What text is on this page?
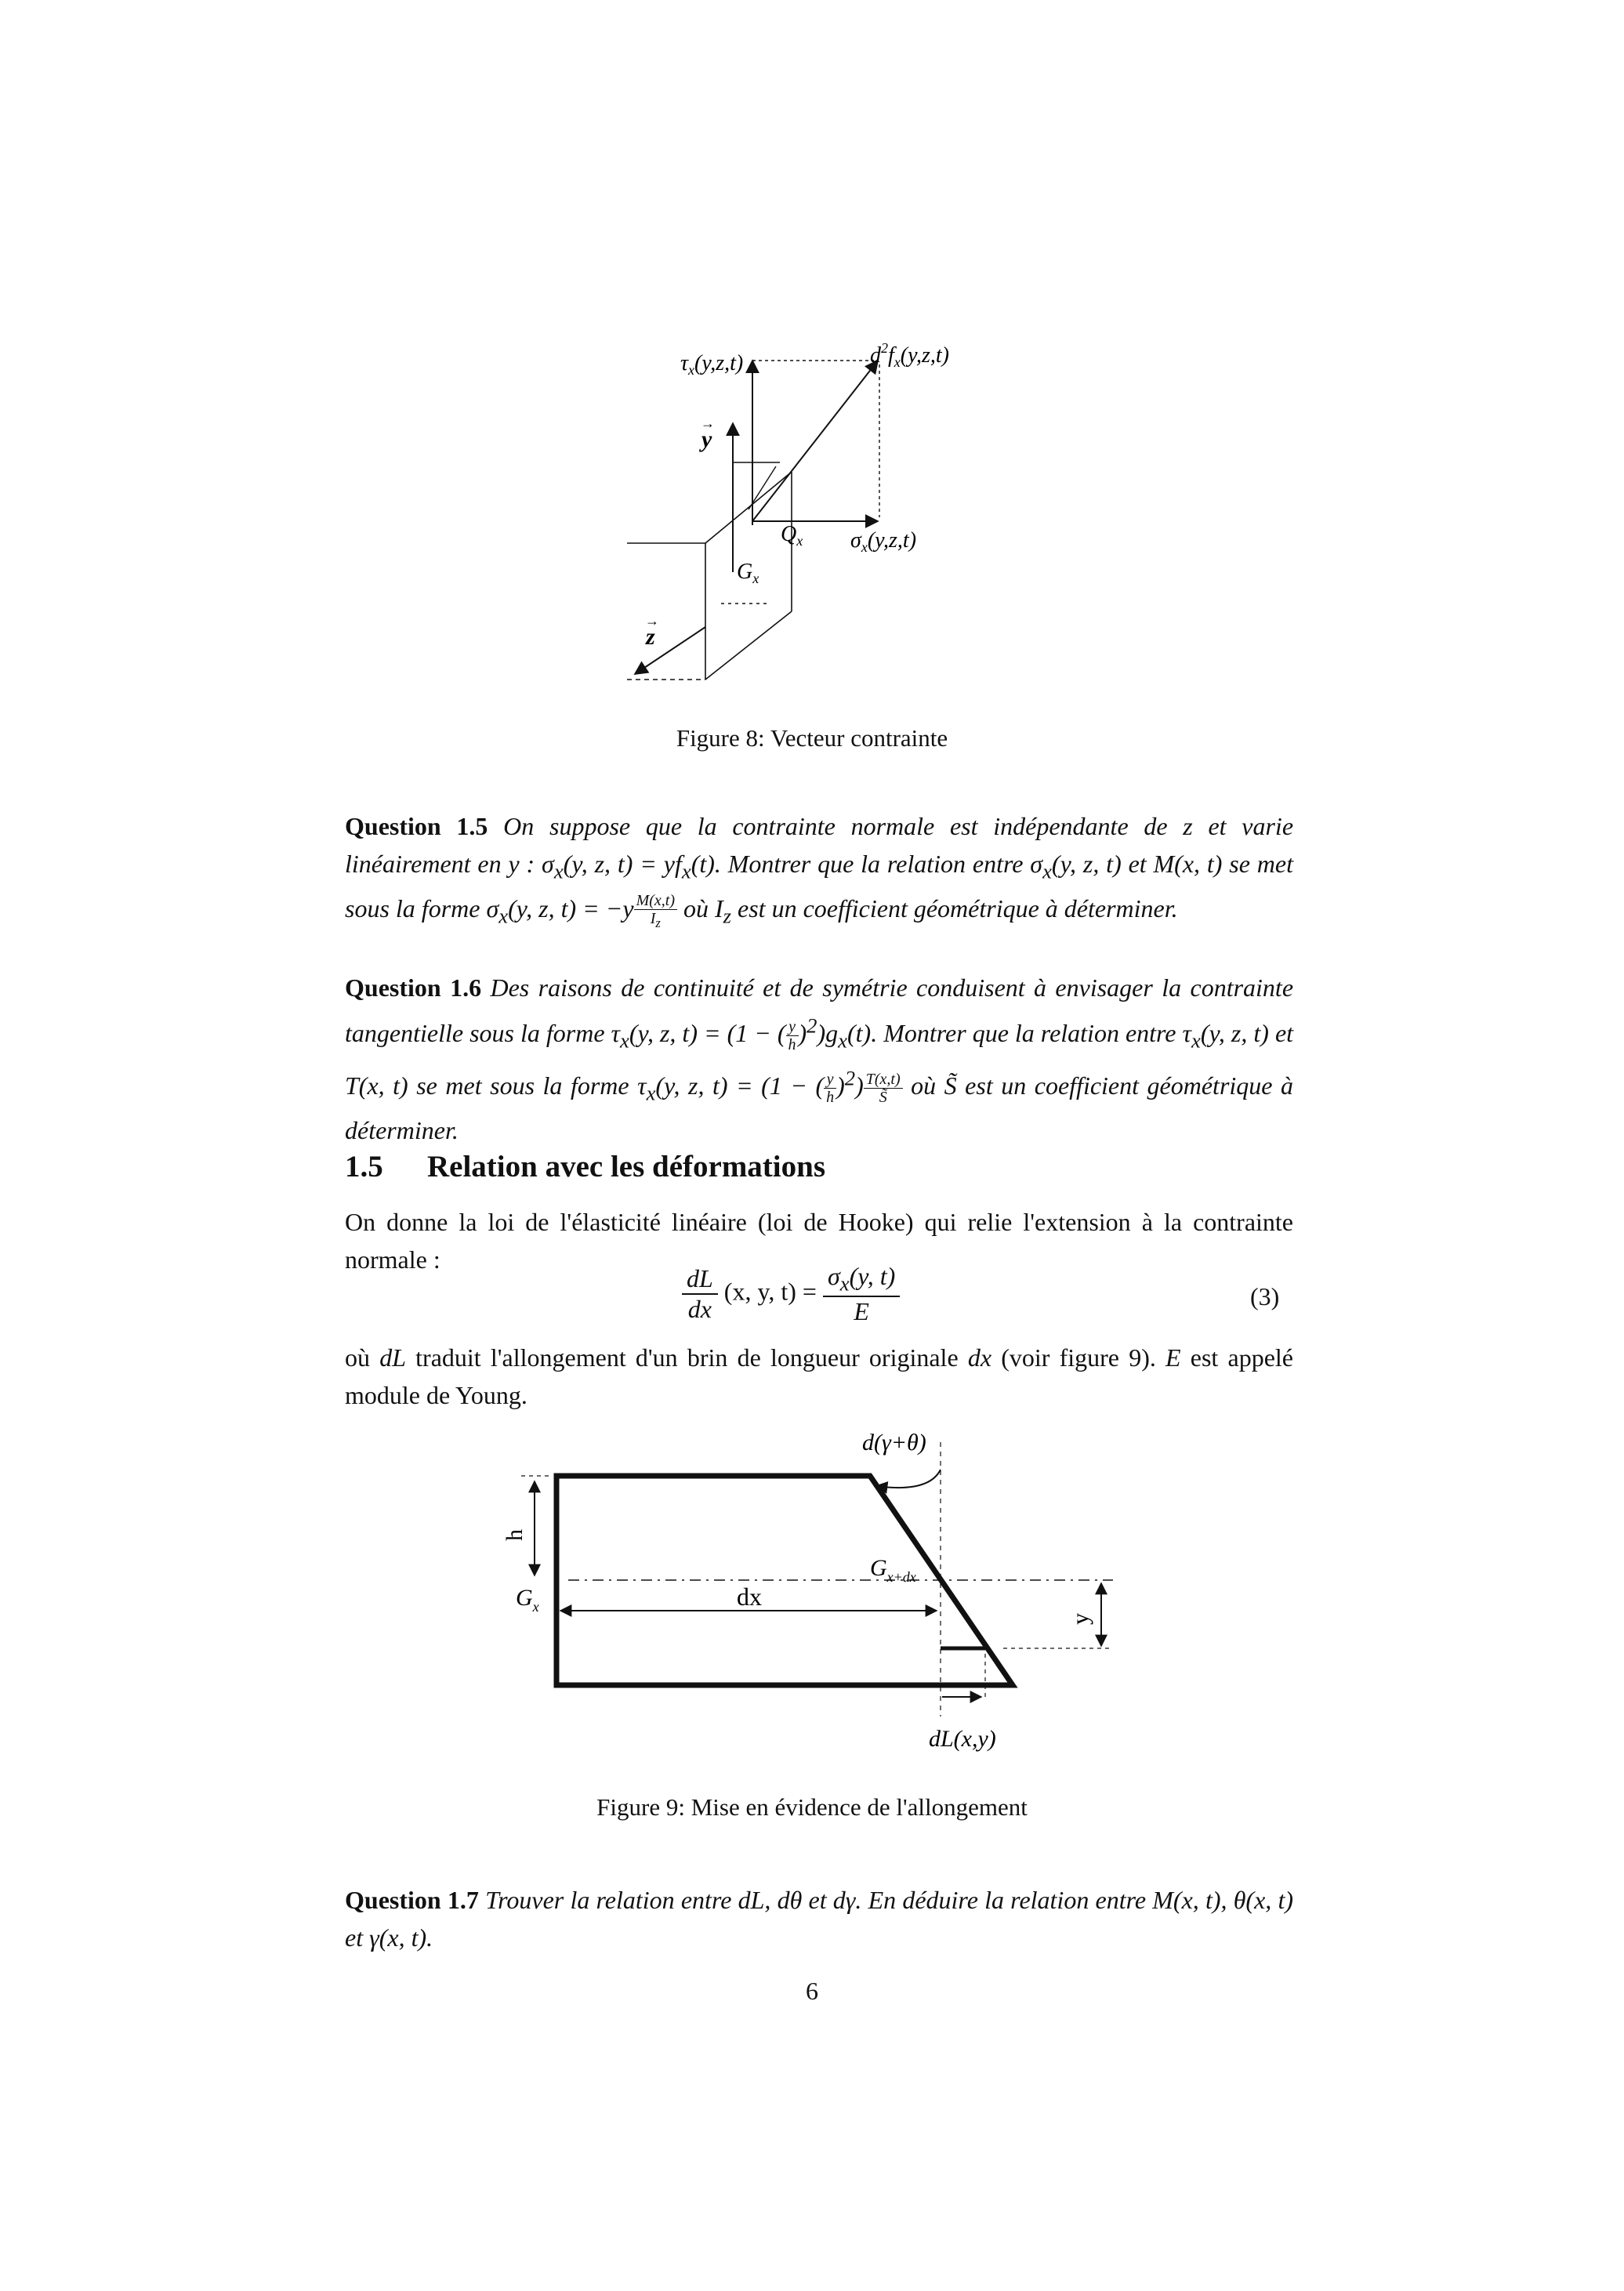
$\tau_x(y,z,t)$	$d^2f_x(y,z,t)$
y
→
$Q_x$ $\sigma_x(y,z,t)$
$G_x$
z
→
Figure 8: Vecteur contrainte
Question 1.5 On suppose que la contrainte normale est indépendante de z et varie linéairement en y : $\sigma_x(y$, z, $t) = yf_x(t)$. Montrer que la relation entre $\sigma_x(y$, z, t) et M(x, t) se met sous la forme $\sigma_x(y$, z, $t) = -y \frac{M(x,t)}{I_z}$ où $I_z$ est un coefficient géométrique à déterminer.
Question 1.6 Des raisons de continuité et de symétrie conduisent à envisager la contrainte tangentielle sous la forme $\tau_x(y$, z, t) = (1 − ( $\frac{y}{h} )^2)g_x(t)$. Montrer que la relation entre $\tau_x(y$, z, t) et T(x, t) se met sous la forme $\tau_x(y$, z, t) = (1 − ( $\frac{y}{h} )^2) \frac{T(x,t)}{S̃}$ où S̃ est un coefficient géométrique à déterminer.
1.5 Relation avec les déformations
On donne la loi de l'élasticité linéaire (loi de Hooke) qui relie l'extension à la contrainte normale :
$\frac{dL}{dx} (x$, y, $t) = \frac{\sigma_x(y, t)}{E}$	(3)
où dL traduit l'allongement d'un brin de longueur originale dx (voir figure 9). E est appelé module de Young.
d(γ+θ)
h
$G_x$
$G_{x+dx}$
dx
y
dL(x,y)
Figure 9: Mise en évidence de l'allongement
Question 1.7 Trouver la relation entre dL, dθ et dγ. En déduire la relation entre M(x, t), θ(x, t) et γ(x, t).
6
